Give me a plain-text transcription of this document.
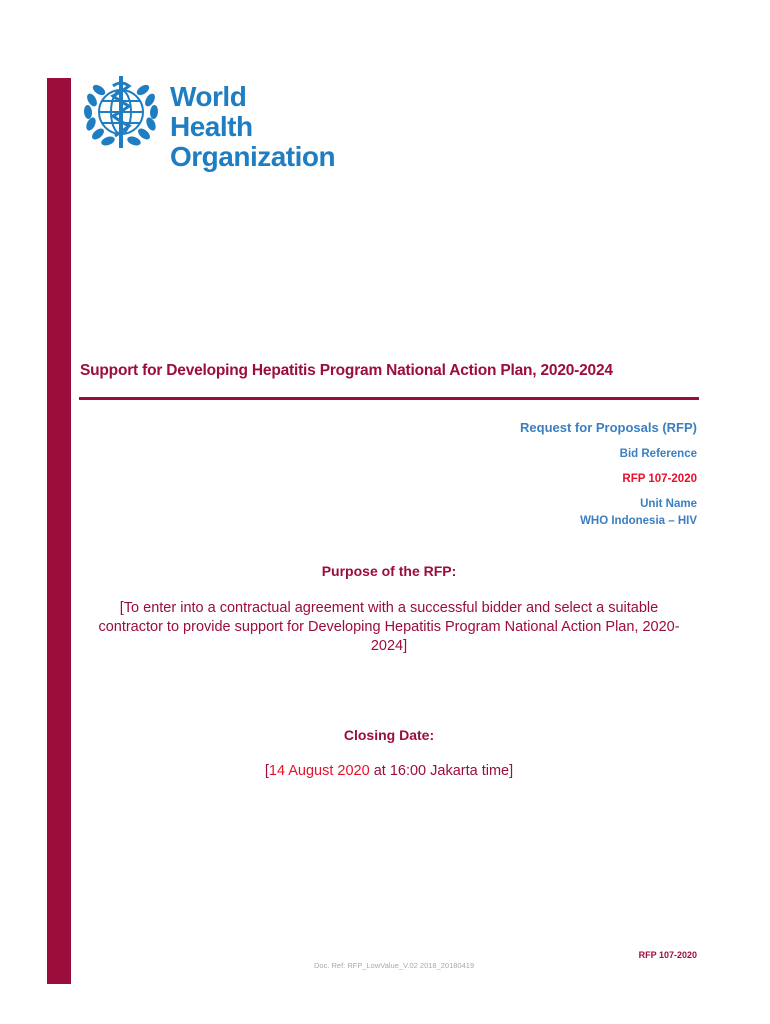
World Health
Organization
Support for Developing Hepatitis Program National Action Plan, 2020-2024
Request for Proposals (RFP)
Bid Reference
RFP 107-2020
Unit Name
WHO Indonesia – HIV
Purpose of the RFP:
[To enter into a contractual agreement with a successful bidder and select a suitable contractor to provide support for Developing Hepatitis Program National Action Plan, 2020-2024]
Closing Date:
[14 August 2020 at 16:00 Jakarta time]
RFP 107-2020
Doc. Ref: RFP_LowValue_V.02 2018_20180419
